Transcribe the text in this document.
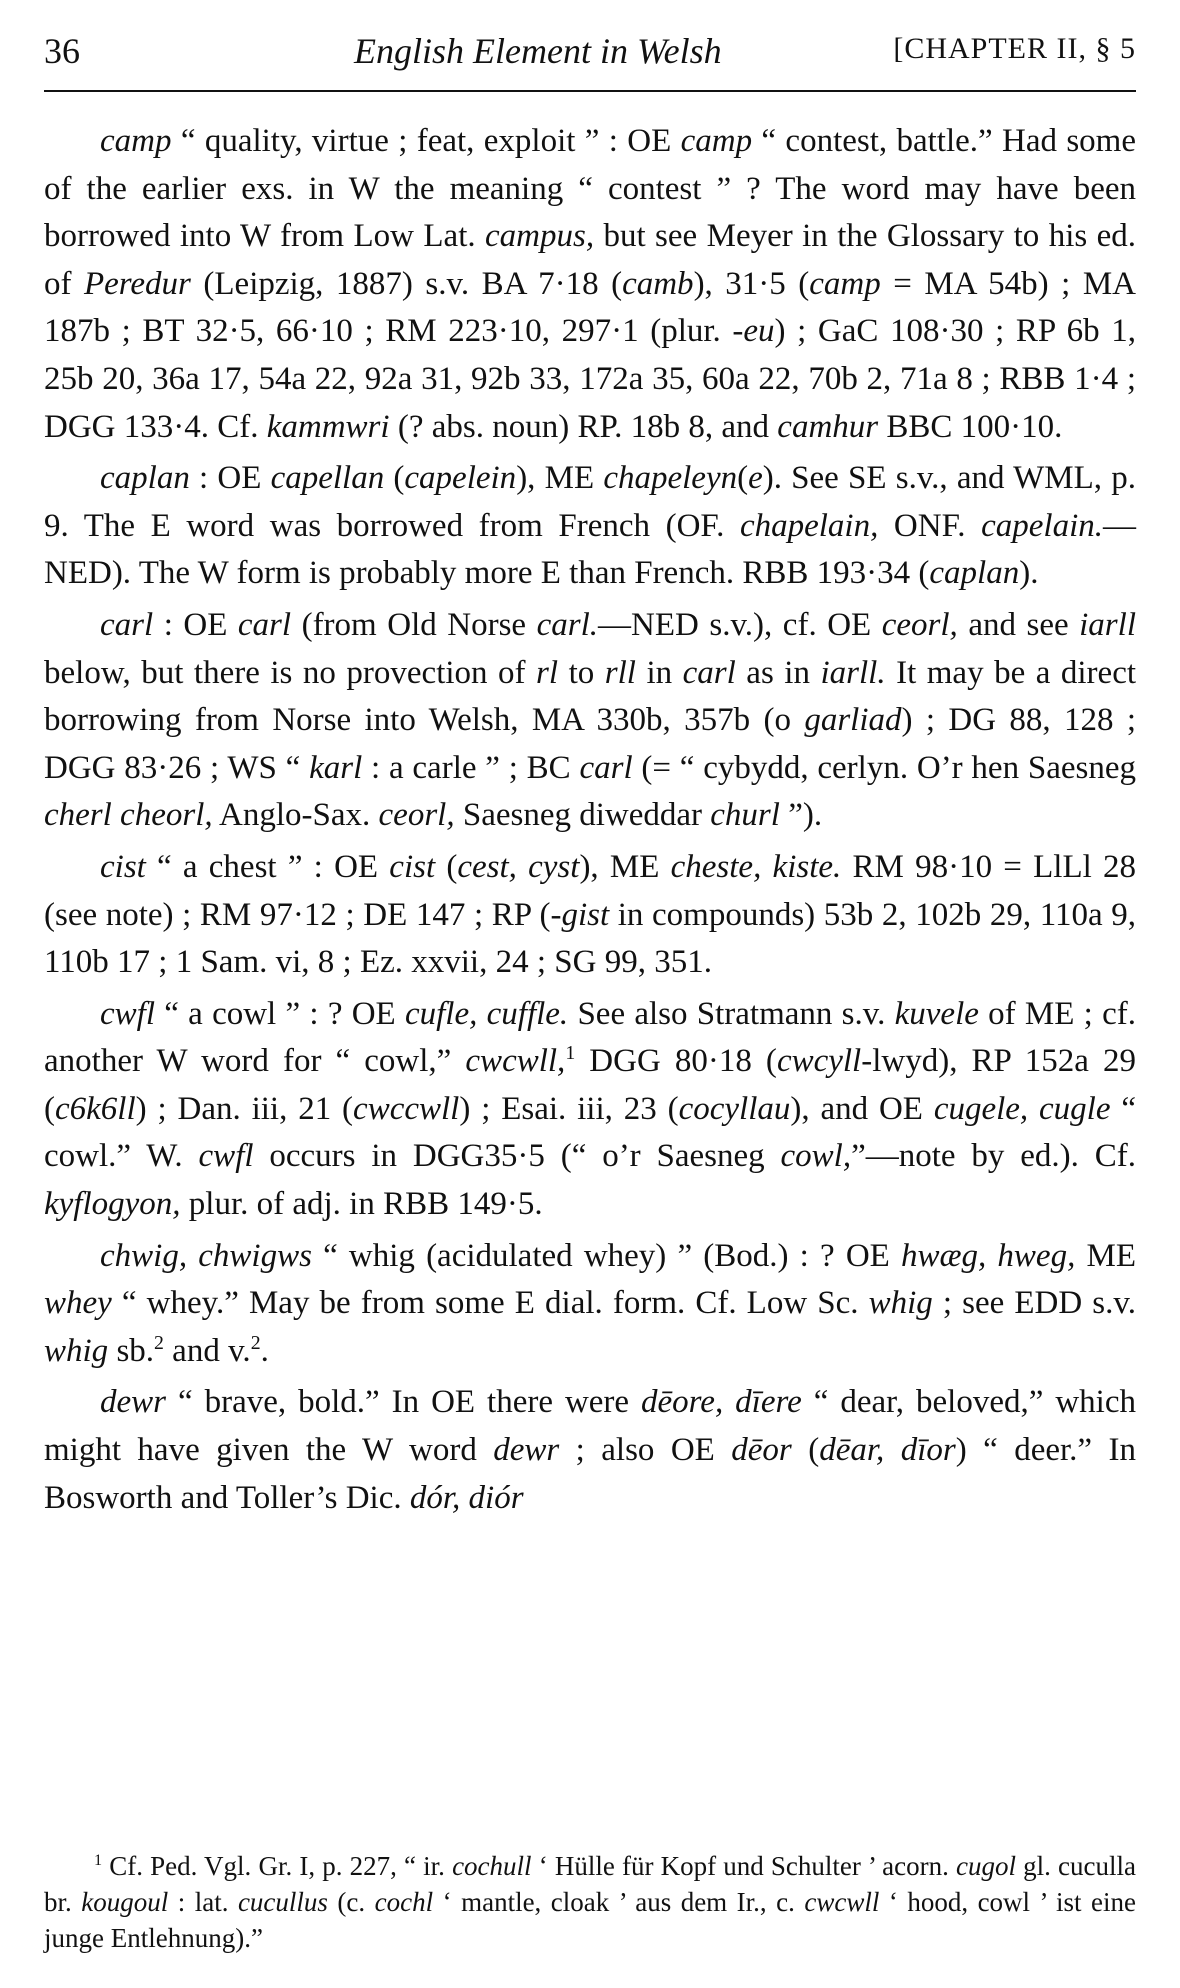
36	English Element in Welsh	[CHAPTER II, § 5

camp “ quality, virtue ; feat, exploit ” : OE camp “ contest, battle.” Had some of the earlier exs. in W the meaning “ contest ” ? The word may have been borrowed into W from Low Lat. campus, but see Meyer in the Glossary to his ed. of Peredur (Leipzig, 1887) s.v. BA 7·18 (camb), 31·5 (camp = MA 54b) ; MA 187b ; BT 32·5, 66·10 ; RM 223·10, 297·1 (plur. -eu) ; GaC 108·30 ; RP 6b 1, 25b 20, 36a 17, 54a 22, 92a 31, 92b 33, 172a 35, 60a 22, 70b 2, 71a 8 ; RBB 1·4 ; DGG 133·4. Cf. kammwri (? abs. noun) RP. 18b 8, and camhur BBC 100·10.

caplan : OE capellan (capelein), ME chapeleyn(e). See SE s.v., and WML, p. 9. The E word was borrowed from French (OF. chapelain, ONF. capelain.—NED). The W form is probably more E than French. RBB 193·34 (caplan).

carl : OE carl (from Old Norse carl.—NED s.v.), cf. OE ceorl, and see iarll below, but there is no provection of rl to rll in carl as in iarll. It may be a direct borrowing from Norse into Welsh, MA 330b, 357b (o garliad) ; DG 88, 128 ; DGG 83·26 ; WS “ karl : a carle ” ; BC carl (= “ cybydd, cerlyn. O’r hen Saesneg cherl cheorl, Anglo-Sax. ceorl, Saesneg diweddar churl ”).

cist “ a chest ” : OE cist (cest, cyst), ME cheste, kiste. RM 98·10 = LlLl 28 (see note) ; RM 97·12 ; DE 147 ; RP (-gist in compounds) 53b 2, 102b 29, 110a 9, 110b 17 ; 1 Sam. vi, 8 ; Ez. xxvii, 24 ; SG 99, 351.

cwfl “ a cowl ” : ? OE cufle, cuffle. See also Stratmann s.v. kuvele of ME ; cf. another W word for “ cowl,” cwcwll,$^1$ DGG 80·18 (cwcyll-lwyd), RP 152a 29 (c6k6ll) ; Dan. iii, 21 (cwccwll) ; Esai. iii, 23 (cocyllau), and OE cugele, cugle “ cowl.” W. cwfl occurs in DGG35·5 (“ o’r Saesneg cowl,”—note by ed.). Cf. kyflogyon, plur. of adj. in RBB 149·5.

chwig, chwigws “ whig (acidulated whey) ” (Bod.) : ? OE hwæg, hweg, ME whey “ whey.” May be from some E dial. form. Cf. Low Sc. whig ; see EDD s.v. whig sb.$^2$ and v.$^2$.

dewr “ brave, bold.” In OE there were dēore, dīere “ dear, beloved,” which might have given the W word dewr ; also OE dēor (dēar, dīor) “ deer.” In Bosworth and Toller’s Dic. dór, diór

$^1$ Cf. Ped. Vgl. Gr. I, p. 227, “ ir. cochull ‘ Hülle für Kopf und Schulter ’ acorn. cugol gl. cuculla br. kougoul : lat. cucullus (c. cochl ‘ mantle, cloak ’ aus dem Ir., c. cwcwll ‘ hood, cowl ’ ist eine junge Entlehnung).”
